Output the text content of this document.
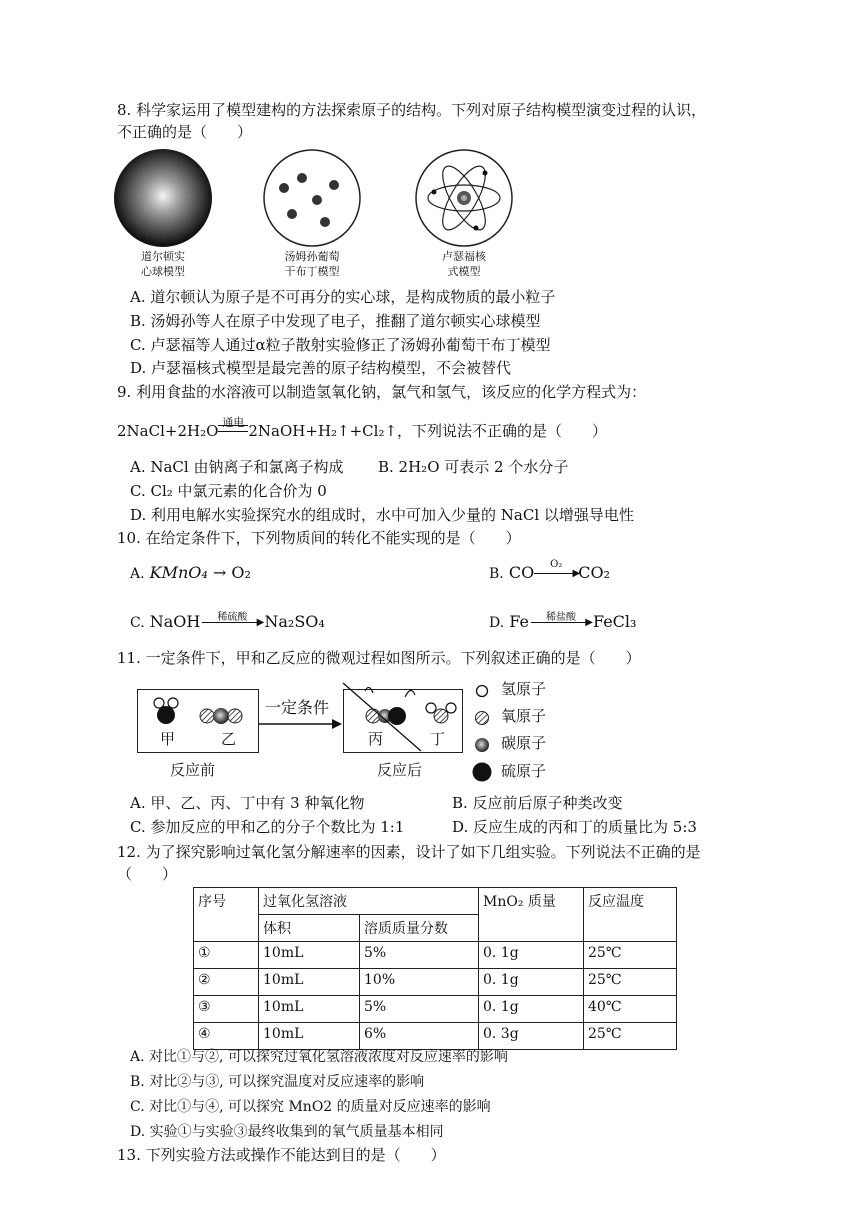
8. 科学家运用了模型建构的方法探索原子的结构。下列对原子结构模型演变过程的认识，
不正确的是（　　）
道尔顿实
心球模型
汤姆孙葡萄
干布丁模型
卢瑟福核
式模型
A. 道尔顿认为原子是不可再分的实心球，是构成物质的最小粒子
B. 汤姆孙等人在原子中发现了电子，推翻了道尔顿实心球模型
C. 卢瑟福等人通过α粒子散射实验修正了汤姆孙葡萄干布丁模型
D. 卢瑟福核式模型是最完善的原子结构模型，不会被替代
9. 利用食盐的水溶液可以制造氢氧化钠，氯气和氢气，该反应的化学方程式为：
2NaCl+2H₂O 通电 2NaOH+H₂↑+Cl₂↑，下列说法不正确的是（　　）
A. NaCl 由钠离子和氯离子构成 B. 2H₂O 可表示 2 个水分子
C. Cl₂ 中氯元素的化合价为 0
D. 利用电解水实验探究水的组成时，水中可加入少量的 NaCl 以增强导电性
10. 在给定条件下，下列物质间的转化不能实现的是（　　）
A. KMnO₄ → O₂	B. CO	O₂
▶
CO₂
C. NaOH	稀硫酸 ▶ Na₂SO₄	D. Fe	稀盐酸 ▶ FeCl₃
11. 一定条件下，甲和乙反应的微观过程如图所示。下列叙述正确的是（　　）
甲	乙
一定条件
丙	丁
反应前	反应后
氢原子
氧原子
碳原子
硫原子
A. 甲、乙、丙、丁中有 3 种氧化物	B. 反应前后原子种类改变
C. 参加反应的甲和乙的分子个数比为 1:1	D. 反应生成的丙和丁的质量比为 5:3
12. 为了探究影响过氧化氢分解速率的因素，设计了如下几组实验。下列说法不正确的是
（　　）
序号	过氧化氢溶液		MnO₂ 质量	反应温度
	体积	溶质质量分数		
①	10mL	5%	0. 1g	25℃
②	10mL	10%	0. 1g	25℃
③	10mL	5%	0. 1g	40℃
④	10mL	6%	0. 3g	25℃
A. 对比①与②, 可以探究过氧化氢溶液浓度对反应速率的影响
B. 对比②与③, 可以探究温度对反应速率的影响
C. 对比①与④, 可以探究 MnO2 的质量对反应速率的影响
D. 实验①与实验③最终收集到的氧气质量基本相同
13. 下列实验方法或操作不能达到目的是（　　）
